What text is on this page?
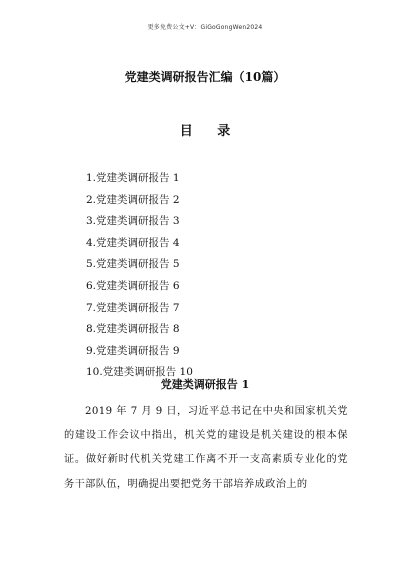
更多免费公文+V：GiGoGongWen2024
党建类调研报告汇编（10篇）
目 录
1.党建类调研报告 1
2.党建类调研报告 2
3.党建类调研报告 3
4.党建类调研报告 4
5.党建类调研报告 5
6.党建类调研报告 6
7.党建类调研报告 7
8.党建类调研报告 8
9.党建类调研报告 9
10.党建类调研报告 10
党建类调研报告 1

2019 年 7 月 9 日，习近平总书记在中央和国家机关党的建设工作会议中指出，机关党的建设是机关建设的根本保证。做好新时代机关党建工作离不开一支高素质专业化的党务干部队伍，明确提出要把党务干部培养成政治上的
